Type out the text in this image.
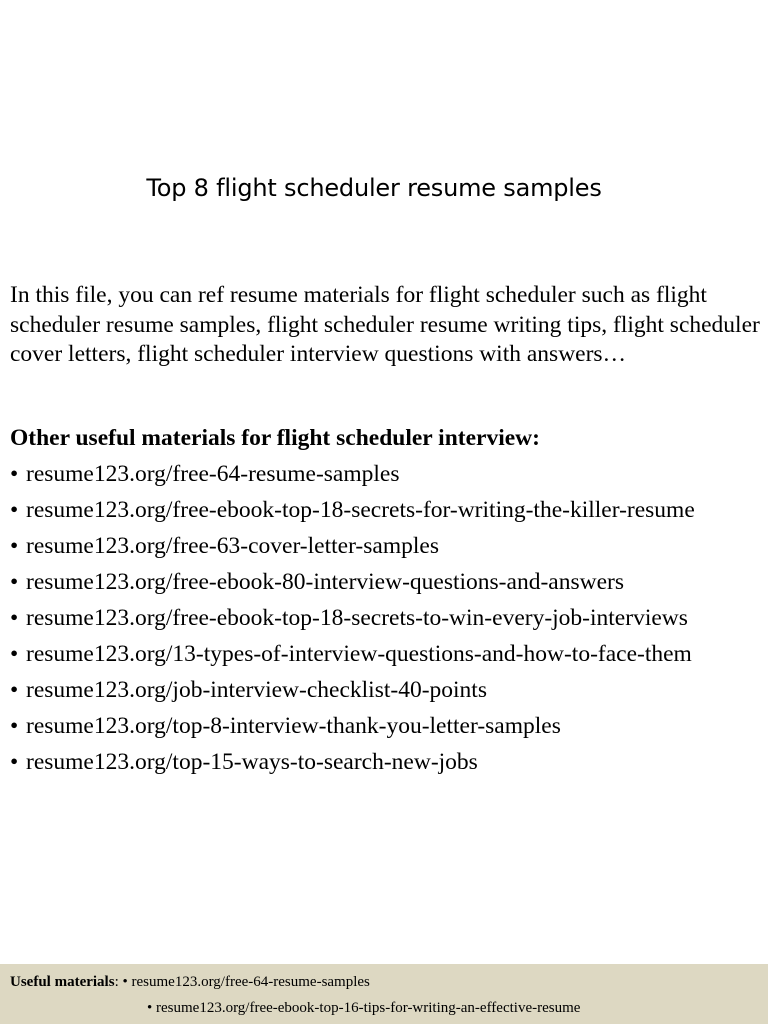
Top 8 flight scheduler resume samples

In this file, you can ref resume materials for flight scheduler such as flight scheduler resume samples, flight scheduler resume writing tips, flight scheduler cover letters, flight scheduler interview questions with answers…

Other useful materials for flight scheduler interview:

• resume123.org/free-64-resume-samples
• resume123.org/free-ebook-top-18-secrets-for-writing-the-killer-resume
• resume123.org/free-63-cover-letter-samples
• resume123.org/free-ebook-80-interview-questions-and-answers
• resume123.org/free-ebook-top-18-secrets-to-win-every-job-interviews
• resume123.org/13-types-of-interview-questions-and-how-to-face-them
• resume123.org/job-interview-checklist-40-points
• resume123.org/top-8-interview-thank-you-letter-samples
• resume123.org/top-15-ways-to-search-new-jobs
Useful materials: • resume123.org/free-64-resume-samples
• resume123.org/free-ebook-top-16-tips-for-writing-an-effective-resume
